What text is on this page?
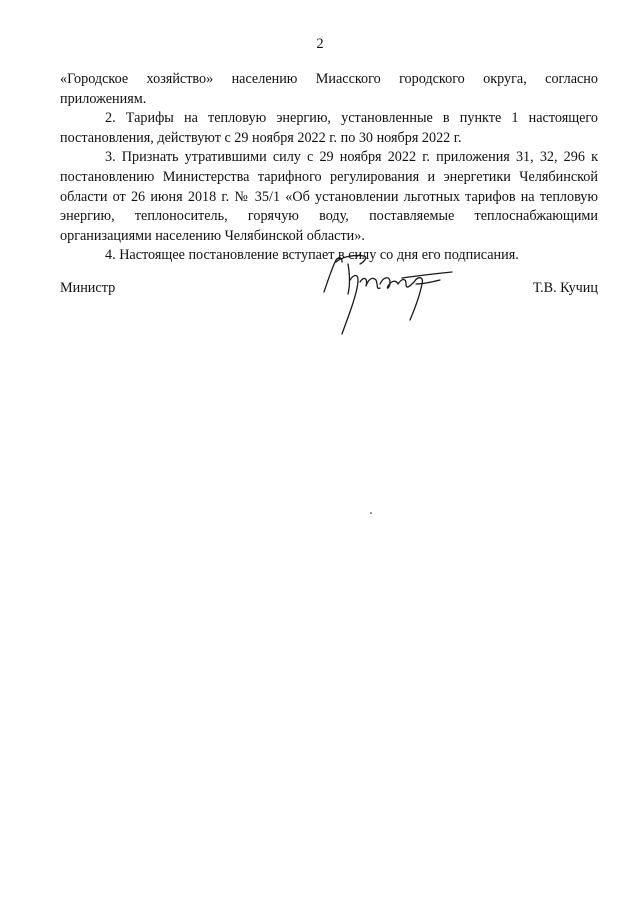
2

«Городское хозяйство» населению Миасского городского округа, согласно приложениям.

2. Тарифы на тепловую энергию, установленные в пункте 1 настоящего постановления, действуют с 29 ноября 2022 г. по 30 ноября 2022 г.

3. Признать утратившими силу с 29 ноября 2022 г. приложения 31, 32, 296 к постановлению Министерства тарифного регулирования и энергетики Челябинской области от 26 июня 2018 г. № 35/1 «Об установлении льготных тарифов на тепловую энергию, теплоноситель, горячую воду, поставляемые теплоснабжающими организациями населению Челябинской области».

4. Настоящее постановление вступает в силу со дня его подписания.

Министр	Т.В. Кучиц
